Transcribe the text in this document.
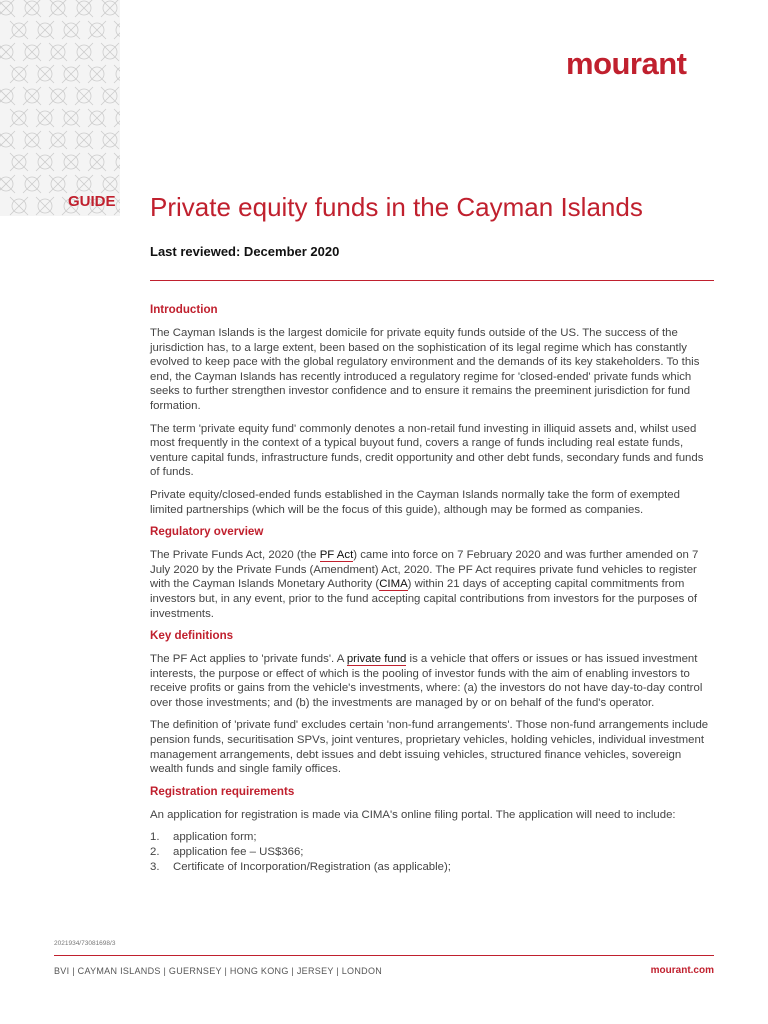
mourant
GUIDE Private equity funds in the Cayman Islands
Last reviewed: December 2020
Introduction

The Cayman Islands is the largest domicile for private equity funds outside of the US. The success of the jurisdiction has, to a large extent, been based on the sophistication of its legal regime which has constantly evolved to keep pace with the global regulatory environment and the demands of its key stakeholders. To this end, the Cayman Islands has recently introduced a regulatory regime for 'closed-ended' private funds which seeks to further strengthen investor confidence and to ensure it remains the preeminent jurisdiction for fund formation.

The term 'private equity fund' commonly denotes a non-retail fund investing in illiquid assets and, whilst used most frequently in the context of a typical buyout fund, covers a range of funds including real estate funds, venture capital funds, infrastructure funds, credit opportunity and other debt funds, secondary funds and funds of funds.

Private equity/closed-ended funds established in the Cayman Islands normally take the form of exempted limited partnerships (which will be the focus of this guide), although may be formed as companies.

Regulatory overview

The Private Funds Act, 2020 (the PF Act) came into force on 7 February 2020 and was further amended on 7 July 2020 by the Private Funds (Amendment) Act, 2020. The PF Act requires private fund vehicles to register with the Cayman Islands Monetary Authority (CIMA) within 21 days of accepting capital commitments from investors but, in any event, prior to the fund accepting capital contributions from investors for the purposes of investments.

Key definitions

The PF Act applies to 'private funds'. A private fund is a vehicle that offers or issues or has issued investment interests, the purpose or effect of which is the pooling of investor funds with the aim of enabling investors to receive profits or gains from the vehicle's investments, where: (a) the investors do not have day-to-day control over those investments; and (b) the investments are managed by or on behalf of the fund's operator.

The definition of 'private fund' excludes certain 'non-fund arrangements'. Those non-fund arrangements include pension funds, securitisation SPVs, joint ventures, proprietary vehicles, holding vehicles, individual investment management arrangements, debt issues and debt issuing vehicles, structured finance vehicles, sovereign wealth funds and single family offices.

Registration requirements

An application for registration is made via CIMA's online filing portal. The application will need to include:

1.	application form;
2.	application fee – US$366;
3.	Certificate of Incorporation/Registration (as applicable);
2021934/73081698/3
BVI | CAYMAN ISLANDS | GUERNSEY | HONG KONG | JERSEY | LONDON	mourant.com
